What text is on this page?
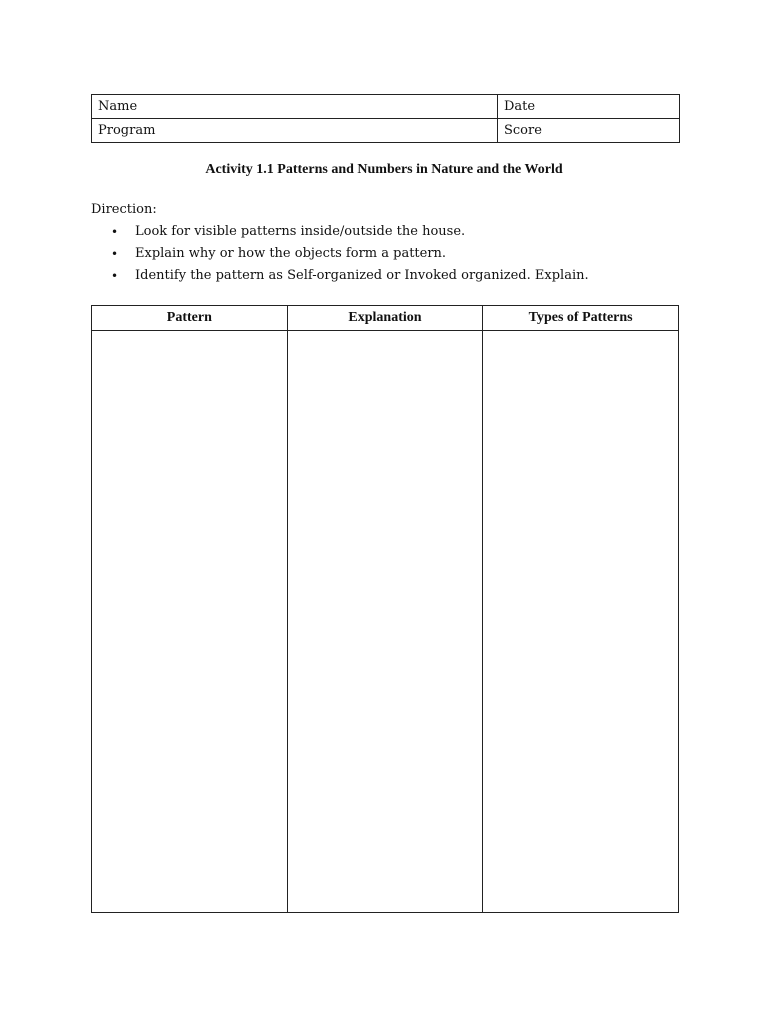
Name	Date
Program	Score
Activity 1.1 Patterns and Numbers in Nature and the World
Direction:
• Look for visible patterns inside/outside the house.
• Explain why or how the objects form a pattern.
• Identify the pattern as Self-organized or Invoked organized. Explain.
Pattern	Explanation	Types of Patterns
